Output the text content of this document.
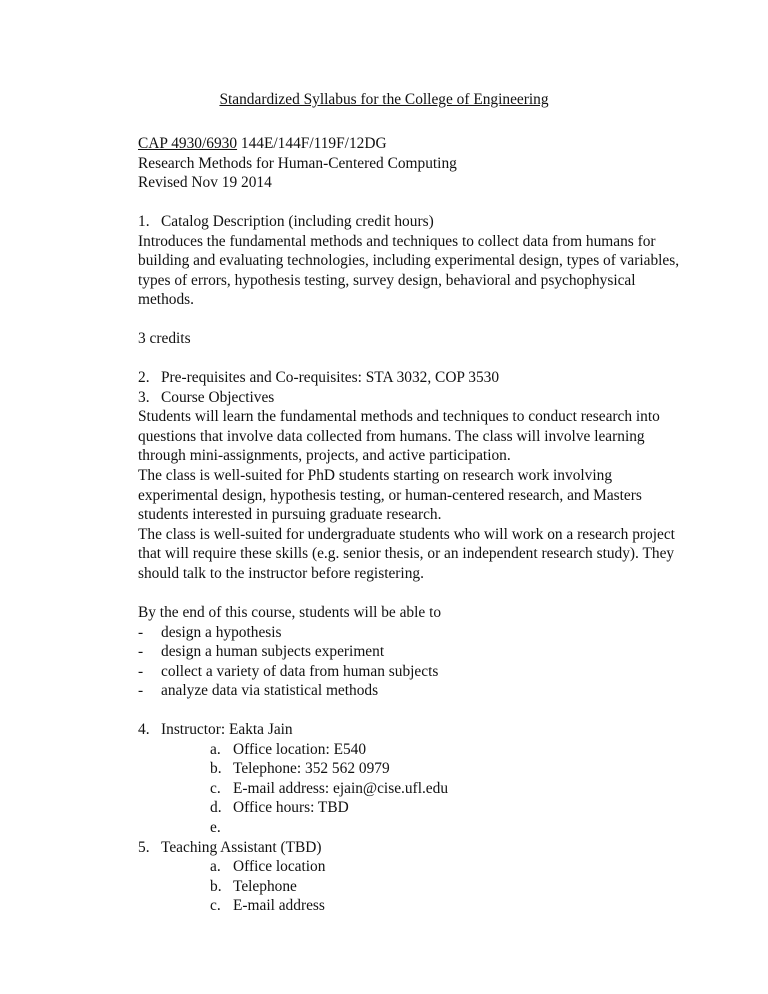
Standardized Syllabus for the College of Engineering
CAP 4930/6930 144E/144F/119F/12DG
Research Methods for Human-Centered Computing
Revised Nov 19 2014
1. Catalog Description (including credit hours)
Introduces the fundamental methods and techniques to collect data from humans for
building and evaluating technologies, including experimental design, types of variables,
types of errors, hypothesis testing, survey design, behavioral and psychophysical
methods.
3 credits
2. Pre-requisites and Co-requisites: STA 3032, COP 3530
3. Course Objectives
Students will learn the fundamental methods and techniques to conduct research into
questions that involve data collected from humans. The class will involve learning
through mini-assignments, projects, and active participation.
The class is well-suited for PhD students starting on research work involving
experimental design, hypothesis testing, or human-centered research, and Masters
students interested in pursuing graduate research.
The class is well-suited for undergraduate students who will work on a research project
that will require these skills (e.g. senior thesis, or an independent research study). They
should talk to the instructor before registering.
By the end of this course, students will be able to
- design a hypothesis
- design a human subjects experiment
- collect a variety of data from human subjects
- analyze data via statistical methods
4. Instructor: Eakta Jain
a. Office location: E540
b. Telephone: 352 562 0979
c. E-mail address: ejain@cise.ufl.edu
d. Office hours: TBD
e.
5. Teaching Assistant (TBD)
a. Office location
b. Telephone
c. E-mail address
